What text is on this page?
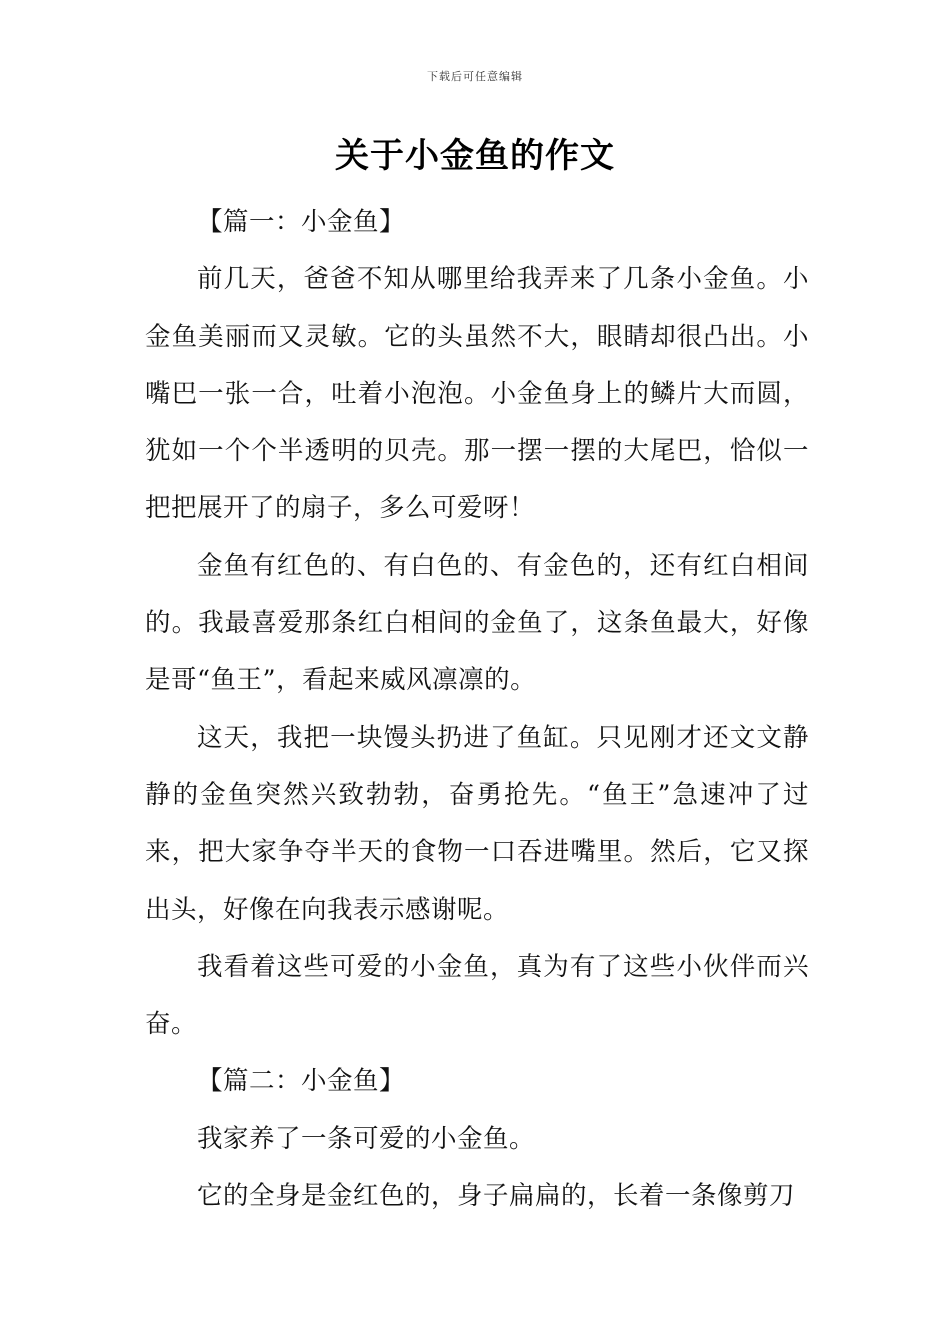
下载后可任意编辑
关于小金鱼的作文

【篇一：小金鱼】

前几天，爸爸不知从哪里给我弄来了几条小金鱼。小金鱼美丽而又灵敏。它的头虽然不大，眼睛却很凸出。小嘴巴一张一合，吐着小泡泡。小金鱼身上的鳞片大而圆，犹如一个个半透明的贝壳。那一摆一摆的大尾巴，恰似一把把展开了的扇子，多么可爱呀！

金鱼有红色的、有白色的、有金色的，还有红白相间的。我最喜爱那条红白相间的金鱼了，这条鱼最大，好像是哥“鱼王”，看起来威风凛凛的。

这天，我把一块馒头扔进了鱼缸。只见刚才还文文静静的金鱼突然兴致勃勃，奋勇抢先。“鱼王”急速冲了过来，把大家争夺半天的食物一口吞进嘴里。然后，它又探出头，好像在向我表示感谢呢。

我看着这些可爱的小金鱼，真为有了这些小伙伴而兴奋。

【篇二：小金鱼】

我家养了一条可爱的小金鱼。

它的全身是金红色的，身子扁扁的，长着一条像剪刀
